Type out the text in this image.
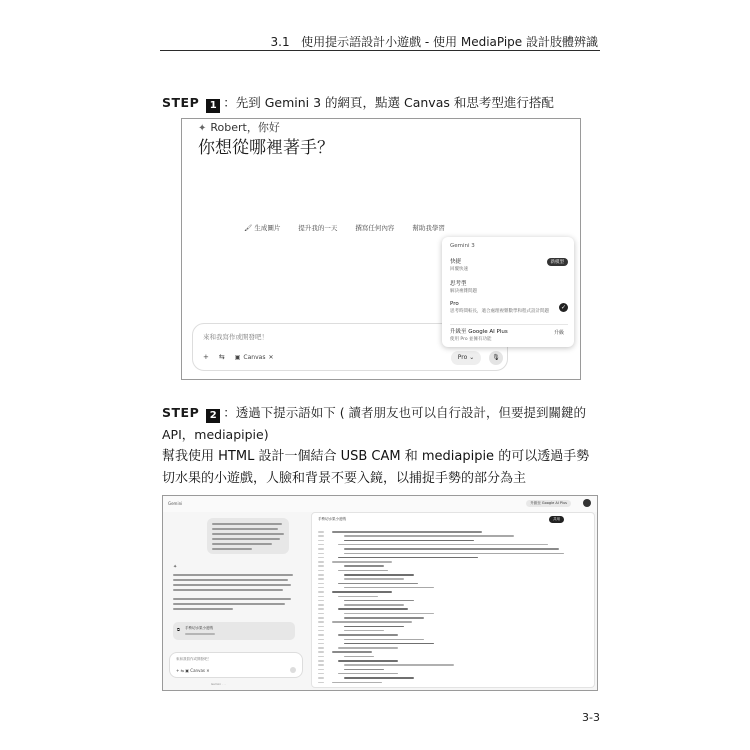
3.1 使用提示語設計小遊戲 - 使用 MediaPipe 設計肢體辨識
STEP 1 ：先到 Gemini 3 的網頁，點選 Canvas 和思考型進行搭配
✦ Robert，你好
你想從哪裡著手？
🖌 生成圖片	提升我的一天	撰寫任何內容	幫助我學習
來和我寫作或開發吧！
+ ⇆ ▣ Canvas ✕	Pro ⌄	🎙
Gemini 3
快捷
回覆快速
新模型
思考型
解決複雜問題
Pro
思考時間較長，適合處理複雜數學和程式設計問題
✓
升級至 Google AI Plus
使用 Pro 並擁有功能
升級
STEP 2 ：透過下提示語如下 ( 讀者朋友也可以自行設計，但要提到關鍵的 API，mediapipie)
幫我使用 HTML 設計一個結合 USB CAM 和 mediapipie 的可以透過手勢切水果的小遊戲，人臉和背景不要入鏡，以捕捉手勢的部分為主
Gemini	升級至 Google AI Plus
✦
⧉ 手勢切水果小遊戲
來和我寫作或開發吧！
+ ⇆ ▣ Canvas ✕
Gemini · · ·
手勢切水果小遊戲	共用
3-3
